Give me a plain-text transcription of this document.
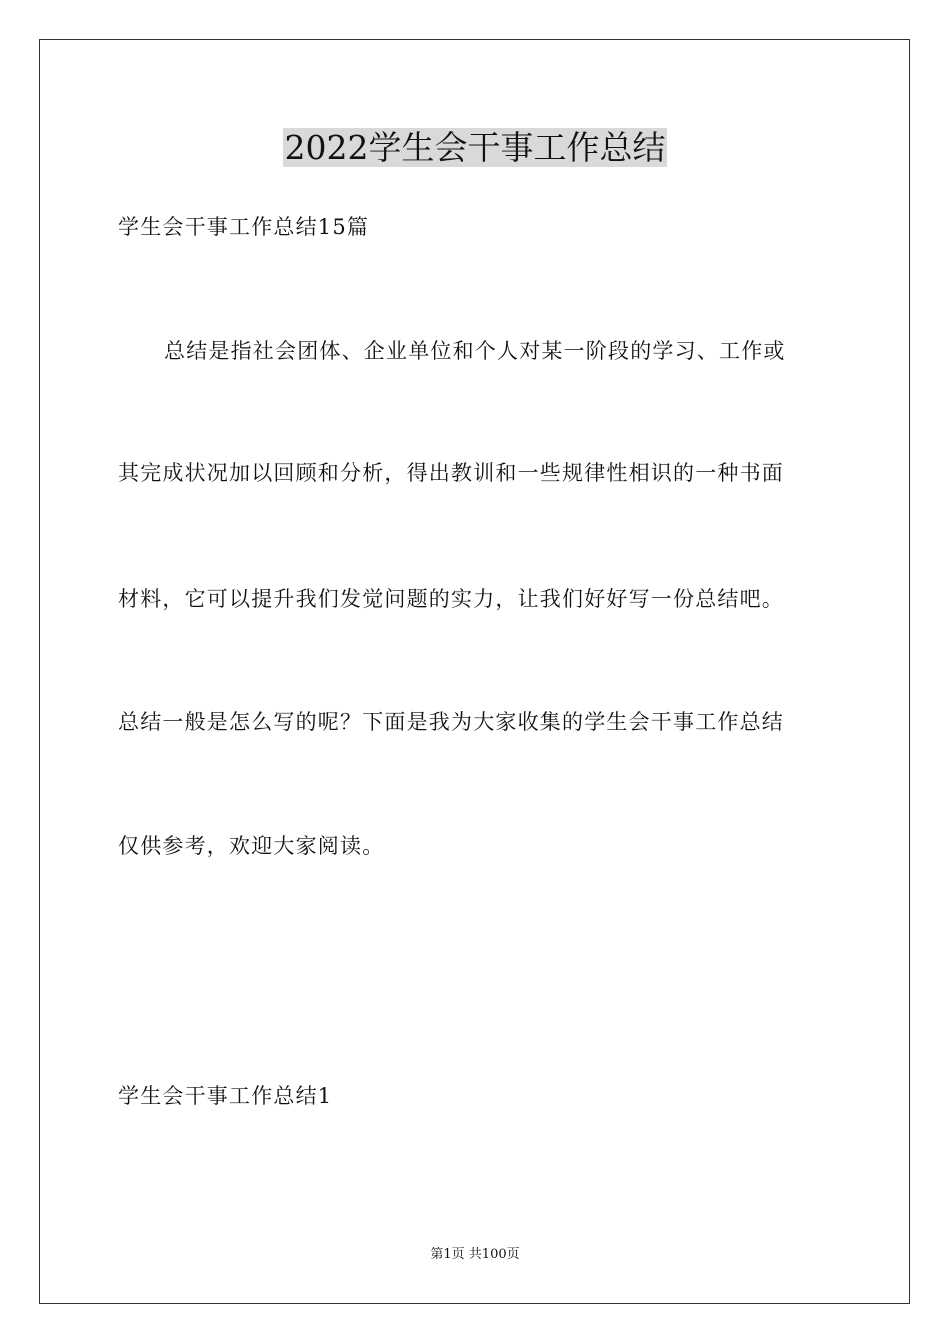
2022学生会干事工作总结
学生会干事工作总结15篇
总结是指社会团体、企业单位和个人对某一阶段的学习、工作或
其完成状况加以回顾和分析，得出教训和一些规律性相识的一种书面
材料，它可以提升我们发觉问题的实力，让我们好好写一份总结吧。
总结一般是怎么写的呢？下面是我为大家收集的学生会干事工作总结
仅供参考，欢迎大家阅读。
学生会干事工作总结1
第1页 共100页
